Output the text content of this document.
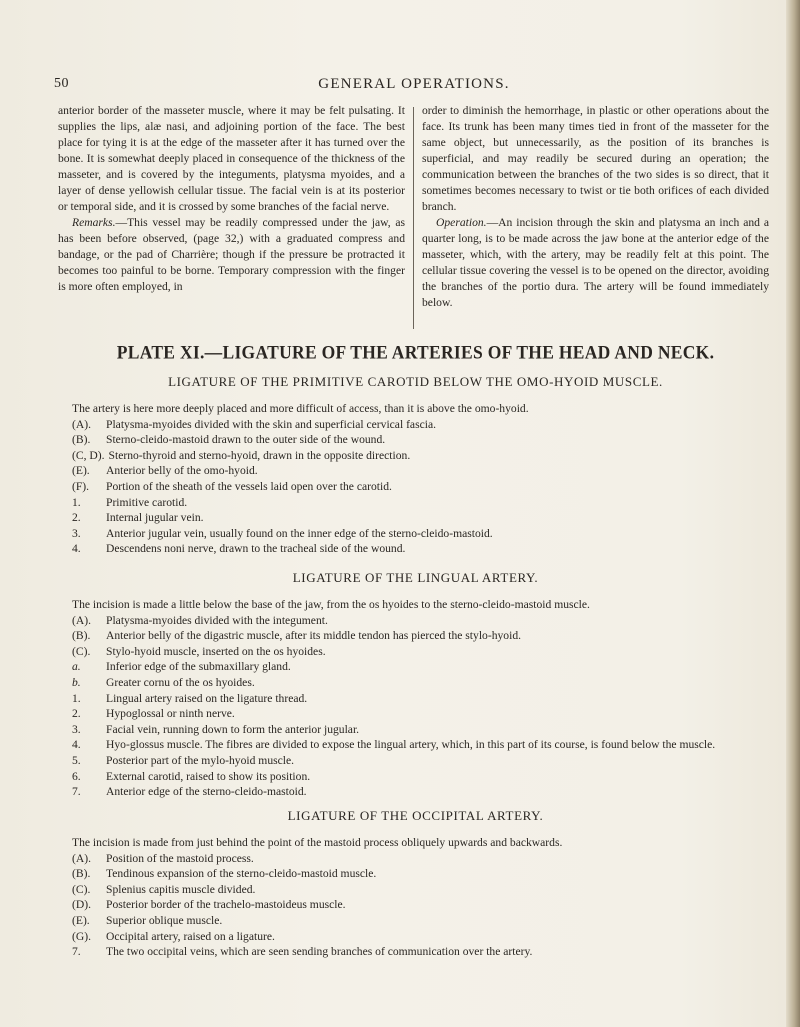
50	GENERAL OPERATIONS.

anterior border of the masseter muscle, where it may be felt pulsating. It supplies the lips, alæ nasi, and adjoining portion of the face. The best place for tying it is at the edge of the masseter after it has turned over the bone. It is somewhat deeply placed in consequence of the thickness of the masseter, and is covered by the integuments, platysma myoides, and a layer of dense yellowish cellular tissue. The facial vein is at its posterior or temporal side, and it is crossed by some branches of the facial nerve.

Remarks.—This vessel may be readily compressed under the jaw, as has been before observed, (page 32,) with a graduated compress and bandage, or the pad of Charrière; though if the pressure be protracted it becomes too painful to be borne. Temporary compression with the finger is more often employed, in

order to diminish the hemorrhage, in plastic or other operations about the face. Its trunk has been many times tied in front of the masseter for the same object, but unnecessarily, as the position of its branches is superficial, and may readily be secured during an operation; the communication between the branches of the two sides is so direct, that it sometimes becomes necessary to twist or tie both orifices of each divided branch.

Operation.—An incision through the skin and platysma an inch and a quarter long, is to be made across the jaw bone at the anterior edge of the masseter, which, with the artery, may be readily felt at this point. The cellular tissue covering the vessel is to be opened on the director, avoiding the branches of the portio dura. The artery will be found immediately below.

PLATE XI.—LIGATURE OF THE ARTERIES OF THE HEAD AND NECK.
LIGATURE OF THE PRIMITIVE CAROTID BELOW THE OMO-HYOID MUSCLE.

The artery is here more deeply placed and more difficult of access, than it is above the omo-hyoid.

(A).	Platysma-myoides divided with the skin and superficial cervical fascia.
(B).	Sterno-cleido-mastoid drawn to the outer side of the wound.
(C, D). Sterno-thyroid and sterno-hyoid, drawn in the opposite direction.
(E).	Anterior belly of the omo-hyoid.
(F).	Portion of the sheath of the vessels laid open over the carotid.
1.	Primitive carotid.
2.	Internal jugular vein.
3.	Anterior jugular vein, usually found on the inner edge of the sterno-cleido-mastoid.
4.	Descendens noni nerve, drawn to the tracheal side of the wound.
LIGATURE OF THE LINGUAL ARTERY.

The incision is made a little below the base of the jaw, from the os hyoides to the sterno-cleido-mastoid muscle.

(A).	Platysma-myoides divided with the integument.
(B).	Anterior belly of the digastric muscle, after its middle tendon has pierced the stylo-hyoid.
(C).	Stylo-hyoid muscle, inserted on the os hyoides.
a.	Inferior edge of the submaxillary gland.
b.	Greater cornu of the os hyoides.
1.	Lingual artery raised on the ligature thread.
2.	Hypoglossal or ninth nerve.
3.	Facial vein, running down to form the anterior jugular.
4.	Hyo-glossus muscle. The fibres are divided to expose the lingual artery, which, in this part of its course, is found below the muscle.
5.	Posterior part of the mylo-hyoid muscle.
6.	External carotid, raised to show its position.
7.	Anterior edge of the sterno-cleido-mastoid.
LIGATURE OF THE OCCIPITAL ARTERY.

The incision is made from just behind the point of the mastoid process obliquely upwards and backwards.

(A).	Position of the mastoid process.
(B).	Tendinous expansion of the sterno-cleido-mastoid muscle.
(C).	Splenius capitis muscle divided.
(D).	Posterior border of the trachelo-mastoideus muscle.
(E).	Superior oblique muscle.
(G).	Occipital artery, raised on a ligature.
7.	The two occipital veins, which are seen sending branches of communication over the artery.
